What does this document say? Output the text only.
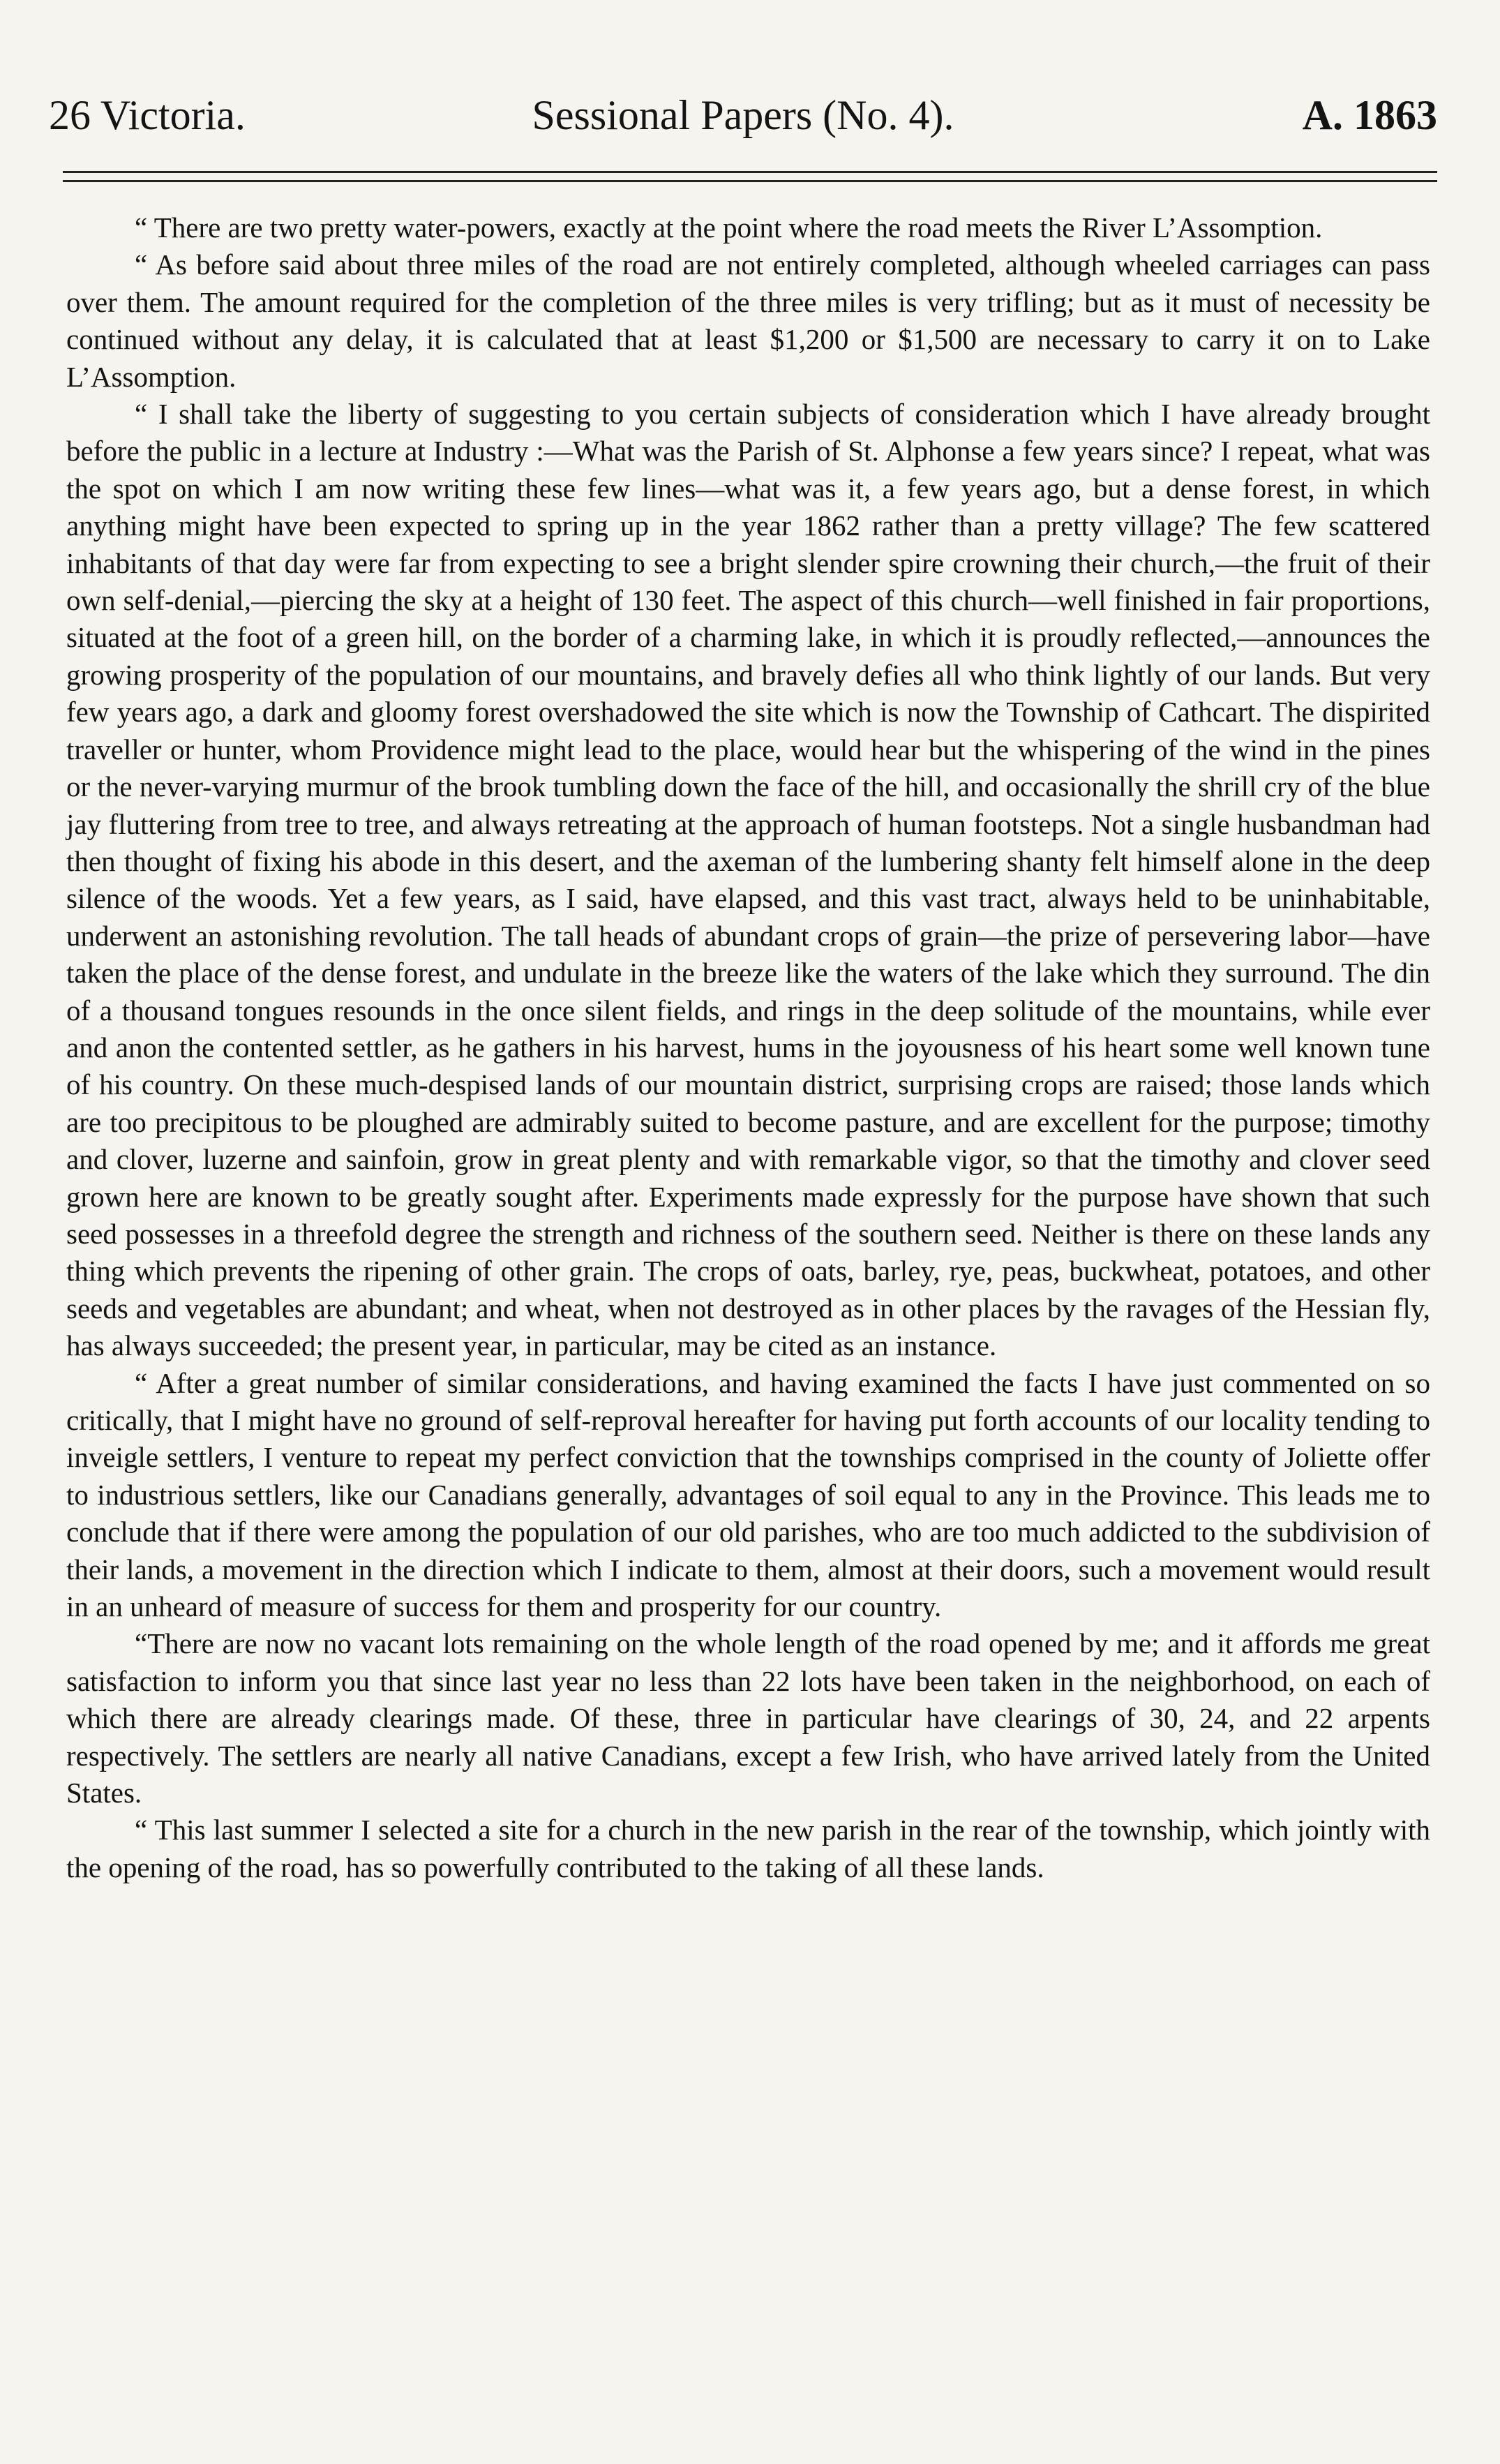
26 Victoria.	Sessional Papers (No. 4).	A. 1863

“ There are two pretty water-powers, exactly at the point where the road meets the River L’Assomption.

“ As before said about three miles of the road are not entirely completed, although wheeled carriages can pass over them. The amount required for the completion of the three miles is very trifling; but as it must of necessity be continued without any delay, it is calculated that at least $1,200 or $1,500 are necessary to carry it on to Lake L’Assomption.

“ I shall take the liberty of suggesting to you certain subjects of consideration which I have already brought before the public in a lecture at Industry :—What was the Parish of St. Alphonse a few years since? I repeat, what was the spot on which I am now writing these few lines—what was it, a few years ago, but a dense forest, in which anything might have been expected to spring up in the year 1862 rather than a pretty village? The few scattered inhabitants of that day were far from expecting to see a bright slender spire crowning their church,—the fruit of their own self-denial,—piercing the sky at a height of 130 feet. The aspect of this church—well finished in fair proportions, situated at the foot of a green hill, on the border of a charming lake, in which it is proudly reflected,—announces the growing prosperity of the population of our mountains, and bravely defies all who think lightly of our lands. But very few years ago, a dark and gloomy forest overshadowed the site which is now the Township of Cathcart. The dispirited traveller or hunter, whom Providence might lead to the place, would hear but the whispering of the wind in the pines or the never-varying murmur of the brook tumbling down the face of the hill, and occasionally the shrill cry of the blue jay fluttering from tree to tree, and always retreating at the approach of human footsteps. Not a single husbandman had then thought of fixing his abode in this desert, and the axeman of the lumbering shanty felt himself alone in the deep silence of the woods. Yet a few years, as I said, have elapsed, and this vast tract, always held to be uninhabitable, underwent an astonishing revolution. The tall heads of abundant crops of grain—the prize of persevering labor—have taken the place of the dense forest, and undulate in the breeze like the waters of the lake which they surround. The din of a thousand tongues resounds in the once silent fields, and rings in the deep solitude of the mountains, while ever and anon the contented settler, as he gathers in his harvest, hums in the joyousness of his heart some well known tune of his country. On these much-despised lands of our mountain district, surprising crops are raised; those lands which are too precipitous to be ploughed are admirably suited to become pasture, and are excellent for the purpose; timothy and clover, luzerne and sainfoin, grow in great plenty and with remarkable vigor, so that the timothy and clover seed grown here are known to be greatly sought after. Experiments made expressly for the purpose have shown that such seed possesses in a threefold degree the strength and richness of the southern seed. Neither is there on these lands any thing which prevents the ripening of other grain. The crops of oats, barley, rye, peas, buckwheat, potatoes, and other seeds and vegetables are abundant; and wheat, when not destroyed as in other places by the ravages of the Hessian fly, has always succeeded; the present year, in particular, may be cited as an instance.

“ After a great number of similar considerations, and having examined the facts I have just commented on so critically, that I might have no ground of self-reproval hereafter for having put forth accounts of our locality tending to inveigle settlers, I venture to repeat my perfect conviction that the townships comprised in the county of Joliette offer to industrious settlers, like our Canadians generally, advantages of soil equal to any in the Province. This leads me to conclude that if there were among the population of our old parishes, who are too much addicted to the subdivision of their lands, a movement in the direction which I indicate to them, almost at their doors, such a movement would result in an unheard of measure of success for them and prosperity for our country.

“There are now no vacant lots remaining on the whole length of the road opened by me; and it affords me great satisfaction to inform you that since last year no less than 22 lots have been taken in the neighborhood, on each of which there are already clearings made. Of these, three in particular have clearings of 30, 24, and 22 arpents respectively. The settlers are nearly all native Canadians, except a few Irish, who have arrived lately from the United States.

“ This last summer I selected a site for a church in the new parish in the rear of the township, which jointly with the opening of the road, has so powerfully contributed to the taking of all these lands.
